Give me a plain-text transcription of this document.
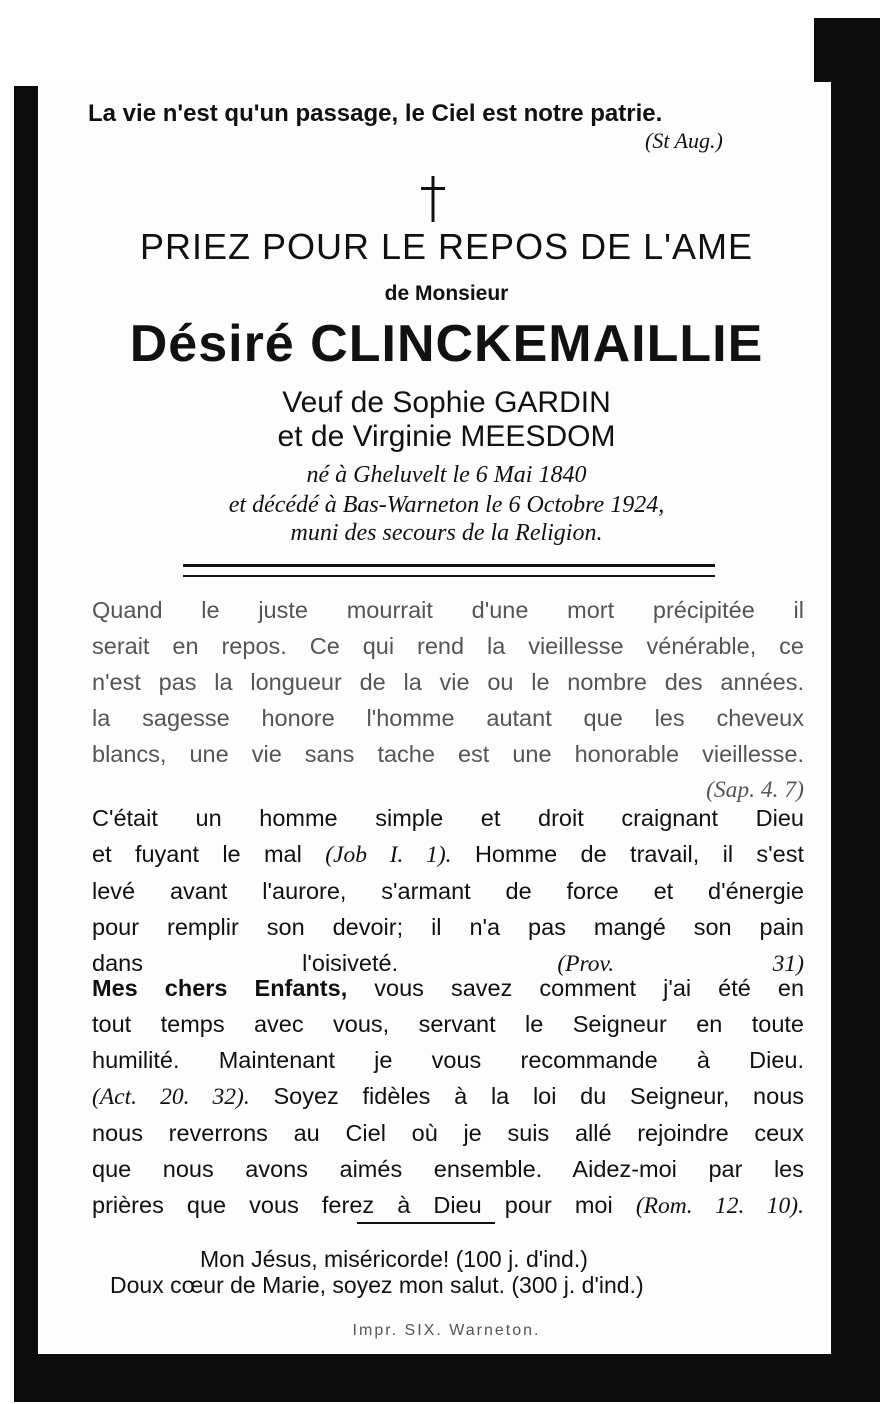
La vie n'est qu'un passage, le Ciel est notre patrie.
(St Aug.)
PRIEZ POUR LE REPOS DE L'AME
de Monsieur
Désiré CLINCKEMAILLIE
Veuf de Sophie GARDIN
et de Virginie MEESDOM
né à Gheluvelt le 6 Mai 1840
et décédé à Bas-Warneton le 6 Octobre 1924,
muni des secours de la Religion.
Quand le juste mourrait d'une mort précipitée il
serait en repos. Ce qui rend la vieillesse vénérable, ce
n'est pas la longueur de la vie ou le nombre des années.
la sagesse honore l'homme autant que les cheveux
blancs, une vie sans tache est une honorable vieillesse.
(Sap. 4. 7)
C'était un homme simple et droit craignant Dieu
et fuyant le mal (Job I. 1). Homme de travail, il s'est
levé avant l'aurore, s'armant de force et d'énergie
pour remplir son devoir; il n'a pas mangé son pain
dans l'oisiveté.	(Prov. 31)
Mes chers Enfants, vous savez comment j'ai été en
tout temps avec vous, servant le Seigneur en toute
humilité. Maintenant je vous recommande à Dieu.
(Act. 20. 32). Soyez fidèles à la loi du Seigneur, nous
nous reverrons au Ciel où je suis allé rejoindre ceux
que nous avons aimés ensemble. Aidez-moi par les
prières que vous ferez à Dieu pour moi (Rom. 12. 10).
Mon Jésus, miséricorde! (100 j. d'ind.)
Doux cœur de Marie, soyez mon salut. (300 j. d'ind.)
Impr. SIX. Warneton.
